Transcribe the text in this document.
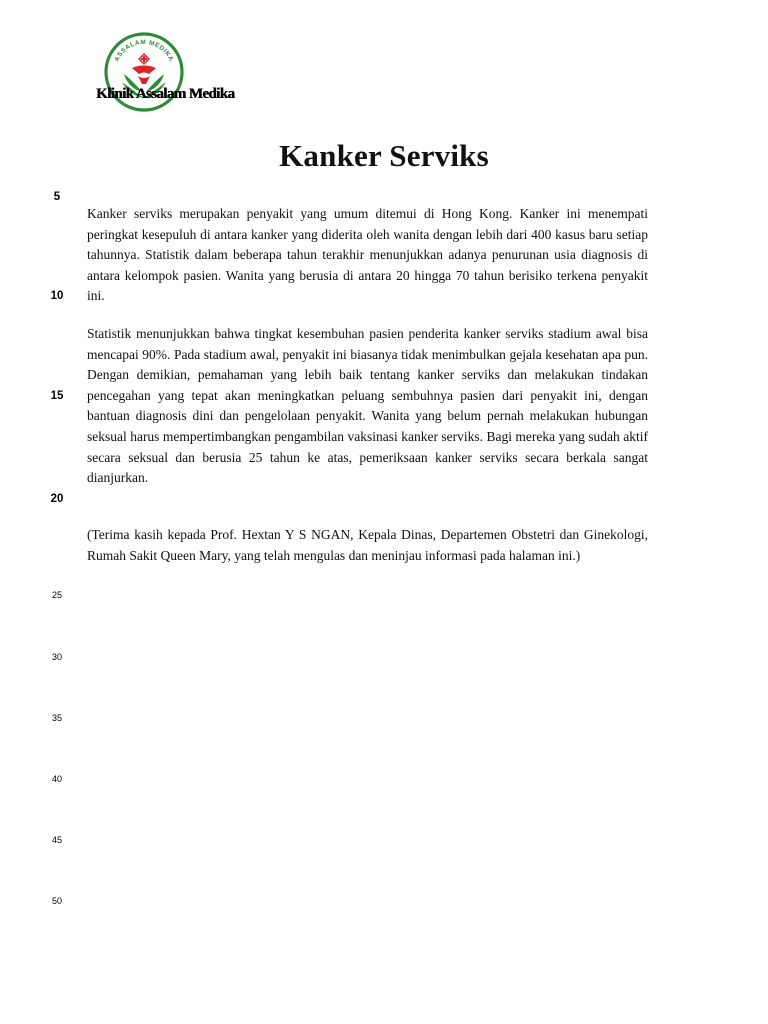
ASSALAM MEDIKA
Klinik Assalam Medika
Kanker Serviks
5
10
15
20
25
30
35
40
45
50

Kanker serviks merupakan penyakit yang umum ditemui di Hong Kong. Kanker ini menempati peringkat kesepuluh di antara kanker yang diderita oleh wanita dengan lebih dari 400 kasus baru setiap tahunnya. Statistik dalam beberapa tahun terakhir menunjukkan adanya penurunan usia diagnosis di antara kelompok pasien. Wanita yang berusia di antara 20 hingga 70 tahun berisiko terkena penyakit ini.

Statistik menunjukkan bahwa tingkat kesembuhan pasien penderita kanker serviks stadium awal bisa mencapai 90%. Pada stadium awal, penyakit ini biasanya tidak menimbulkan gejala kesehatan apa pun. Dengan demikian, pemahaman yang lebih baik tentang kanker serviks dan melakukan tindakan pencegahan yang tepat akan meningkatkan peluang sembuhnya pasien dari penyakit ini, dengan bantuan diagnosis dini dan pengelolaan penyakit. Wanita yang belum pernah melakukan hubungan seksual harus mempertimbangkan pengambilan vaksinasi kanker serviks. Bagi mereka yang sudah aktif secara seksual dan berusia 25 tahun ke atas, pemeriksaan kanker serviks secara berkala sangat dianjurkan.

(Terima kasih kepada Prof. Hextan Y S NGAN, Kepala Dinas, Departemen Obstetri dan Ginekologi, Rumah Sakit Queen Mary, yang telah mengulas dan meninjau informasi pada halaman ini.)
